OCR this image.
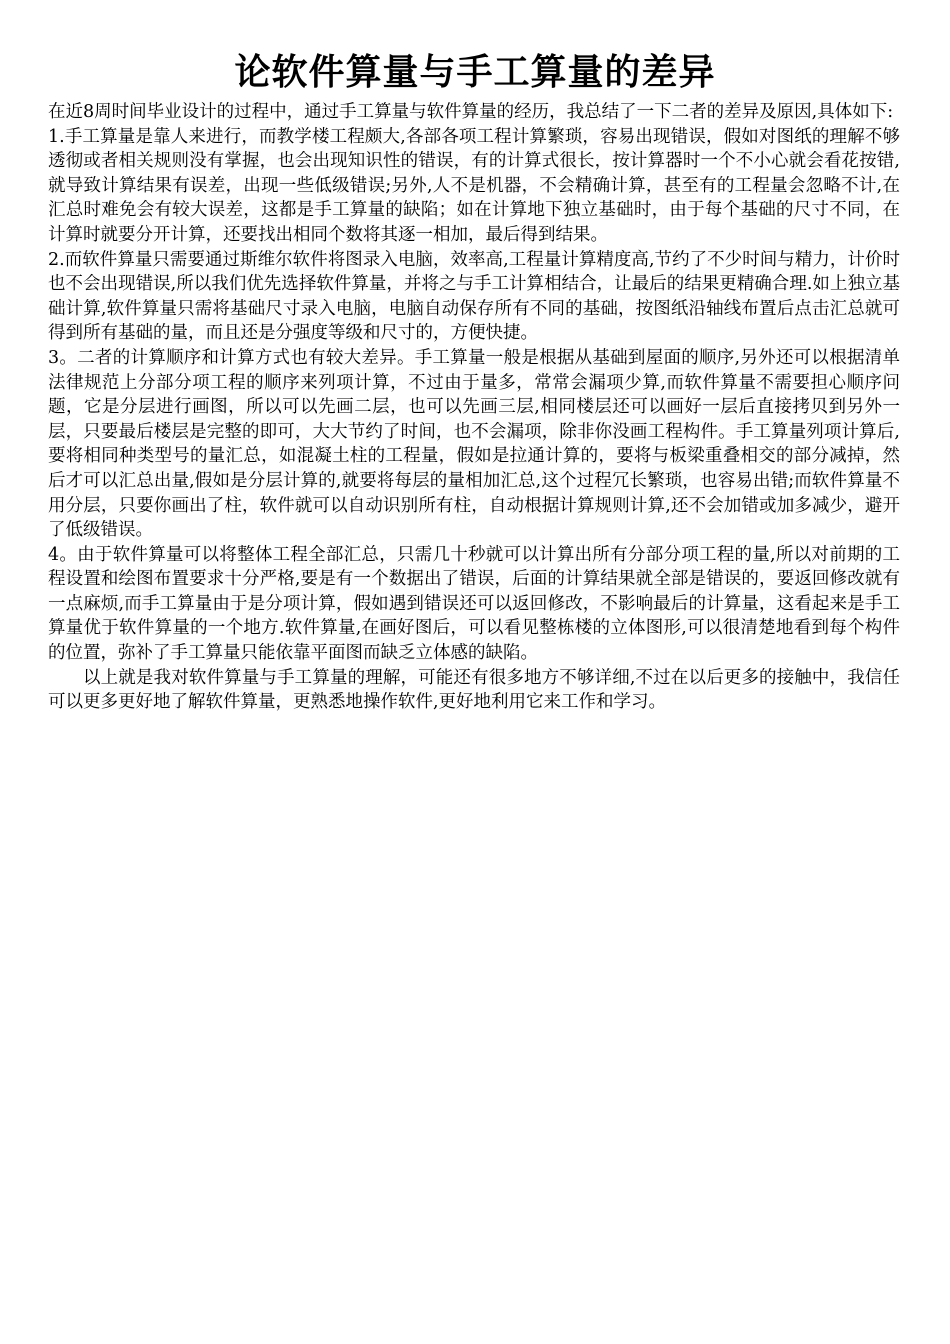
论软件算量与手工算量的差异

在近8周时间毕业设计的过程中，通过手工算量与软件算量的经历，我总结了一下二者的差异及原因,具体如下:

1.手工算量是靠人来进行，而教学楼工程颇大,各部各项工程计算繁琐，容易出现错误，假如对图纸的理解不够透彻或者相关规则没有掌握，也会出现知识性的错误，有的计算式很长，按计算器时一个不小心就会看花按错,就导致计算结果有误差，出现一些低级错误;另外,人不是机器，不会精确计算，甚至有的工程量会忽略不计,在汇总时难免会有较大误差，这都是手工算量的缺陷；如在计算地下独立基础时，由于每个基础的尺寸不同，在计算时就要分开计算，还要找出相同个数将其逐一相加，最后得到结果。

2.而软件算量只需要通过斯维尔软件将图录入电脑，效率高,工程量计算精度高,节约了不少时间与精力，计价时也不会出现错误,所以我们优先选择软件算量，并将之与手工计算相结合，让最后的结果更精确合理.如上独立基础计算,软件算量只需将基础尺寸录入电脑，电脑自动保存所有不同的基础，按图纸沿轴线布置后点击汇总就可得到所有基础的量，而且还是分强度等级和尺寸的，方便快捷。

3。二者的计算顺序和计算方式也有较大差异。手工算量一般是根据从基础到屋面的顺序,另外还可以根据清单法律规范上分部分项工程的顺序来列项计算，不过由于量多，常常会漏项少算,而软件算量不需要担心顺序问题，它是分层进行画图，所以可以先画二层，也可以先画三层,相同楼层还可以画好一层后直接拷贝到另外一层，只要最后楼层是完整的即可，大大节约了时间，也不会漏项，除非你没画工程构件。手工算量列项计算后,要将相同种类型号的量汇总，如混凝土柱的工程量，假如是拉通计算的，要将与板梁重叠相交的部分减掉，然后才可以汇总出量,假如是分层计算的,就要将每层的量相加汇总,这个过程冗长繁琐，也容易出错;而软件算量不用分层，只要你画出了柱，软件就可以自动识别所有柱，自动根据计算规则计算,还不会加错或加多减少，避开了低级错误。

4。由于软件算量可以将整体工程全部汇总，只需几十秒就可以计算出所有分部分项工程的量,所以对前期的工程设置和绘图布置要求十分严格,要是有一个数据出了错误，后面的计算结果就全部是错误的，要返回修改就有一点麻烦,而手工算量由于是分项计算，假如遇到错误还可以返回修改，不影响最后的计算量，这看起来是手工算量优于软件算量的一个地方.软件算量,在画好图后，可以看见整栋楼的立体图形,可以很清楚地看到每个构件的位置，弥补了手工算量只能依靠平面图而缺乏立体感的缺陷。

以上就是我对软件算量与手工算量的理解，可能还有很多地方不够详细,不过在以后更多的接触中，我信任可以更多更好地了解软件算量，更熟悉地操作软件,更好地利用它来工作和学习。
